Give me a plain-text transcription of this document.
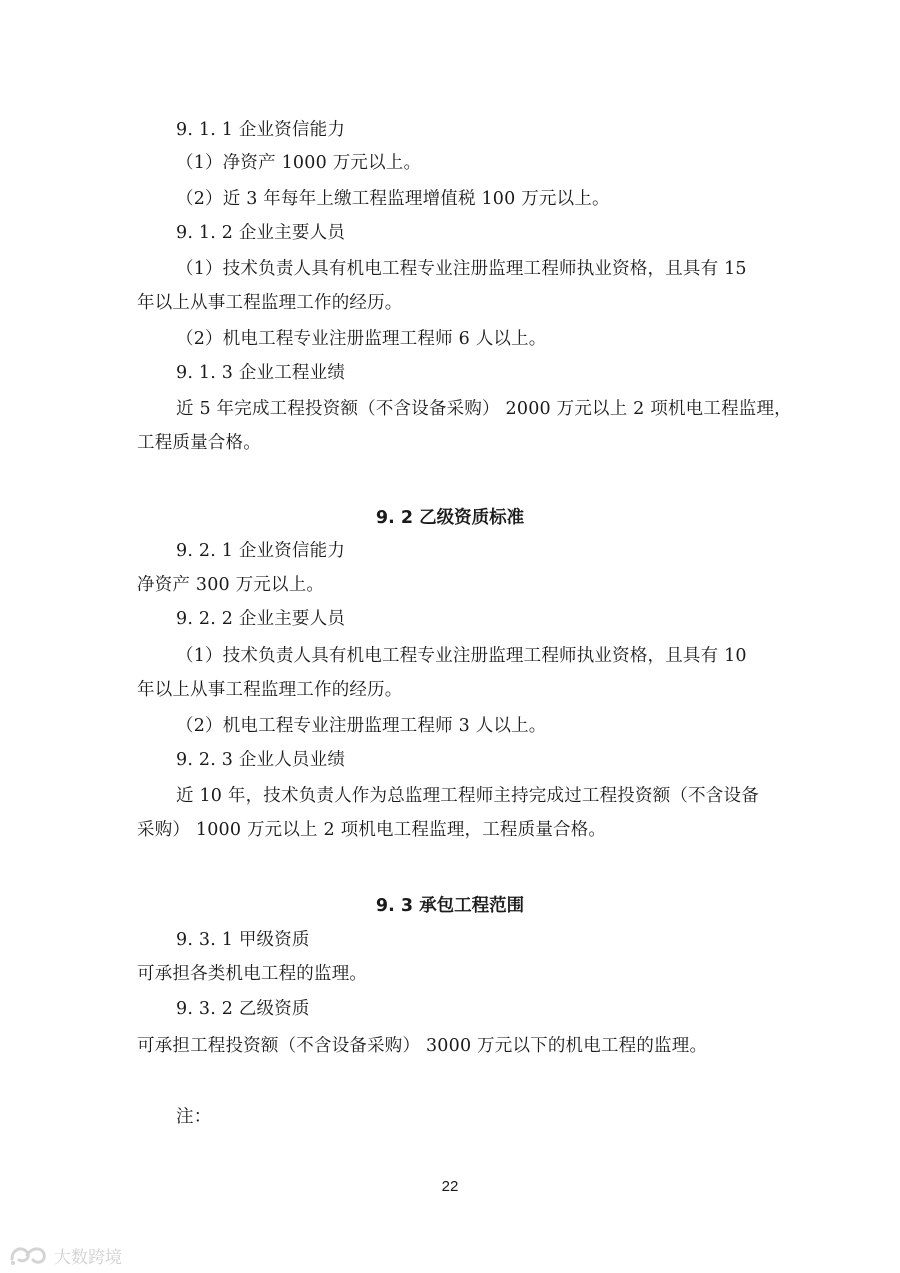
9. 1. 1 企业资信能力
（1）净资产 1000 万元以上。
（2）近 3 年每年上缴工程监理增值税 100 万元以上。
9. 1. 2 企业主要人员
（1）技术负责人具有机电工程专业注册监理工程师执业资格，且具有 15
年以上从事工程监理工作的经历。
（2）机电工程专业注册监理工程师 6 人以上。
9. 1. 3 企业工程业绩
近 5 年完成工程投资额（不含设备采购） 2000 万元以上 2 项机电工程监理，
工程质量合格。
9. 2 乙级资质标准
9. 2. 1 企业资信能力
净资产 300 万元以上。
9. 2. 2 企业主要人员
（1）技术负责人具有机电工程专业注册监理工程师执业资格，且具有 10
年以上从事工程监理工作的经历。
（2）机电工程专业注册监理工程师 3 人以上。
9. 2. 3 企业人员业绩
近 10 年，技术负责人作为总监理工程师主持完成过工程投资额（不含设备
采购） 1000 万元以上 2 项机电工程监理，工程质量合格。
9. 3 承包工程范围
9. 3. 1 甲级资质
可承担各类机电工程的监理。
9. 3. 2 乙级资质
可承担工程投资额（不含设备采购） 3000 万元以下的机电工程的监理。
注：
22
大数跨境
